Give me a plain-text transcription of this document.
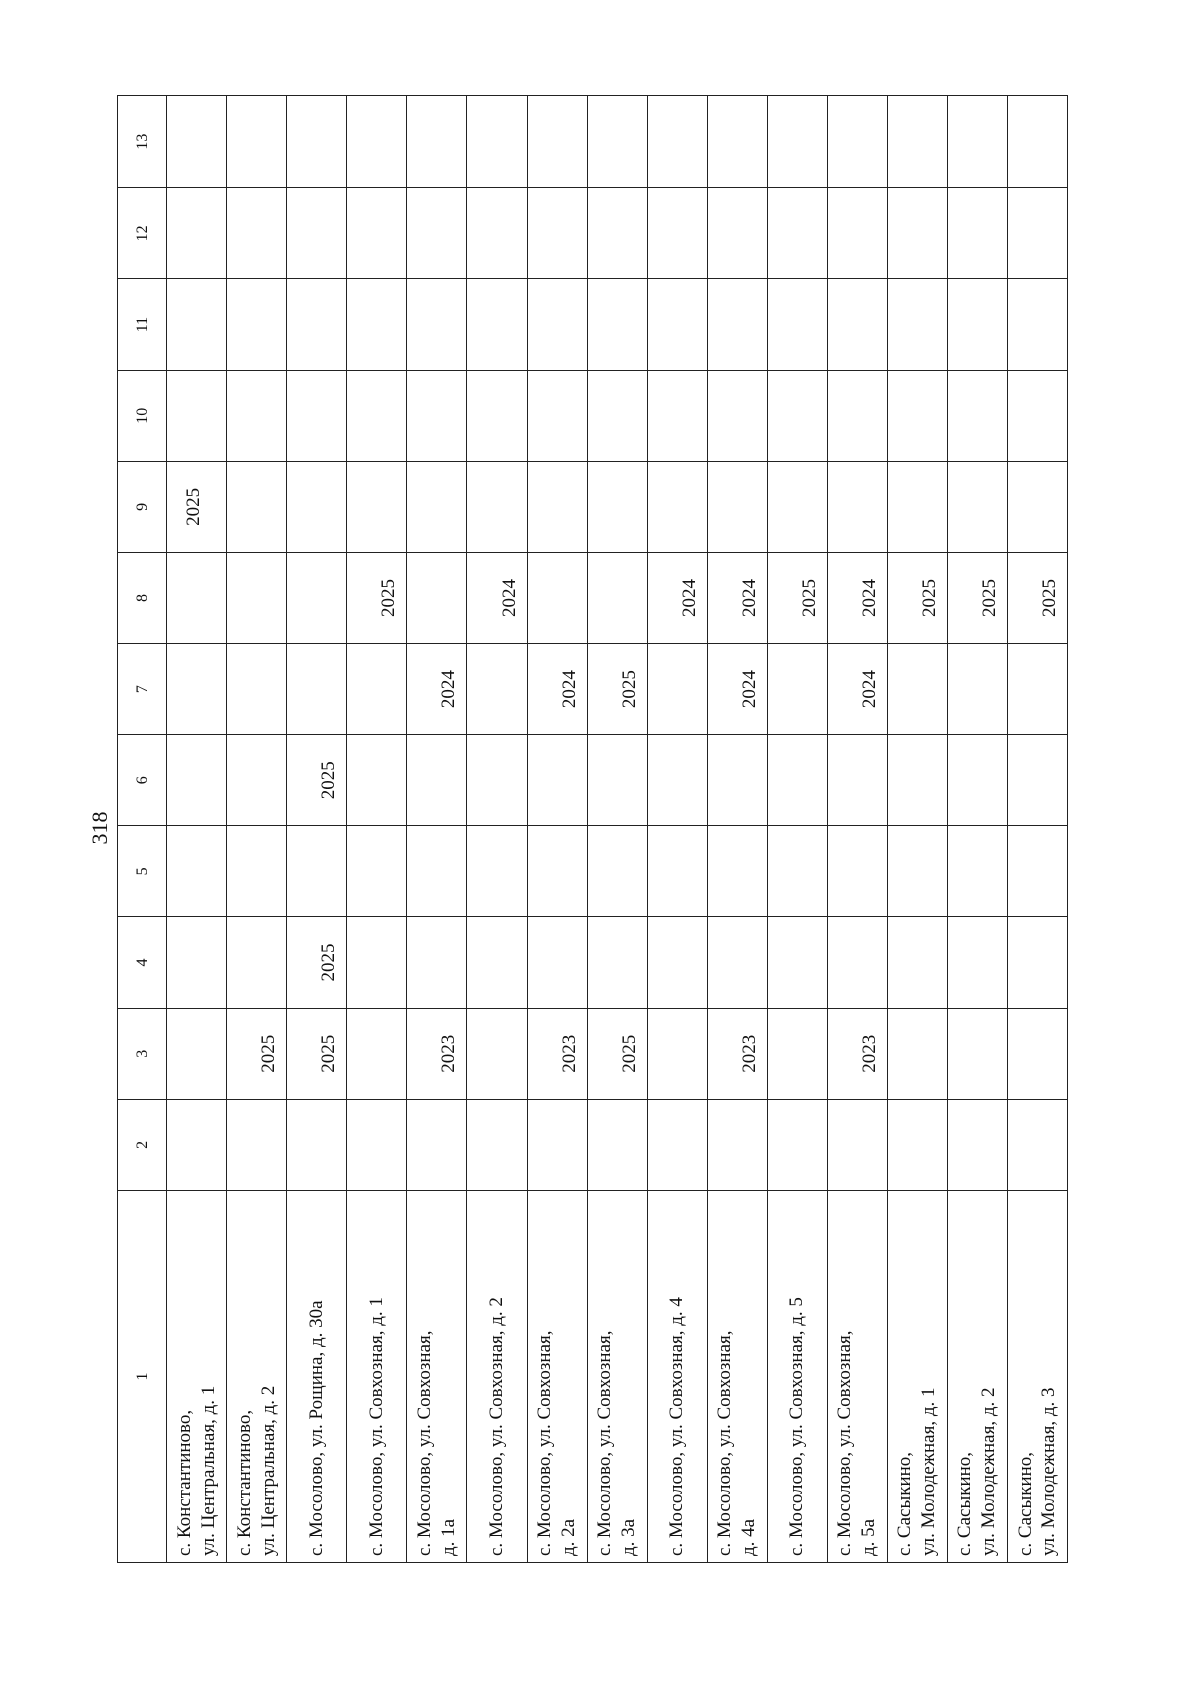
318
1	2	3	4	5	6	7	8	9	10	11	12	13
с. Константиново, ул. Центральная, д. 1								2025				

с. Константиново, ул. Центральная, д. 2		2025										

с. Мосолово, ул. Рощина, д. 30а		2025	2025		2025							

с. Мосолово, ул. Совхозная, д. 1							2025					

с. Мосолово, ул. Совхозная, д. 1а		2023				2024						

с. Мосолово, ул. Совхозная, д. 2							2024					

с. Мосолово, ул. Совхозная, д. 2а		2023				2024						

с. Мосолово, ул. Совхозная, д. 3а		2025				2025						

с. Мосолово, ул. Совхозная, д. 4							2024					

с. Мосолово, ул. Совхозная, д. 4а		2023				2024	2024					

с. Мосолово, ул. Совхозная, д. 5							2025					

с. Мосолово, ул. Совхозная, д. 5а		2023				2024	2024					

с. Сасыкино, ул. Молодежная, д. 1							2025					

с. Сасыкино, ул. Молодежная, д. 2							2025					

с. Сасыкино, ул. Молодежная, д. 3							2025					
